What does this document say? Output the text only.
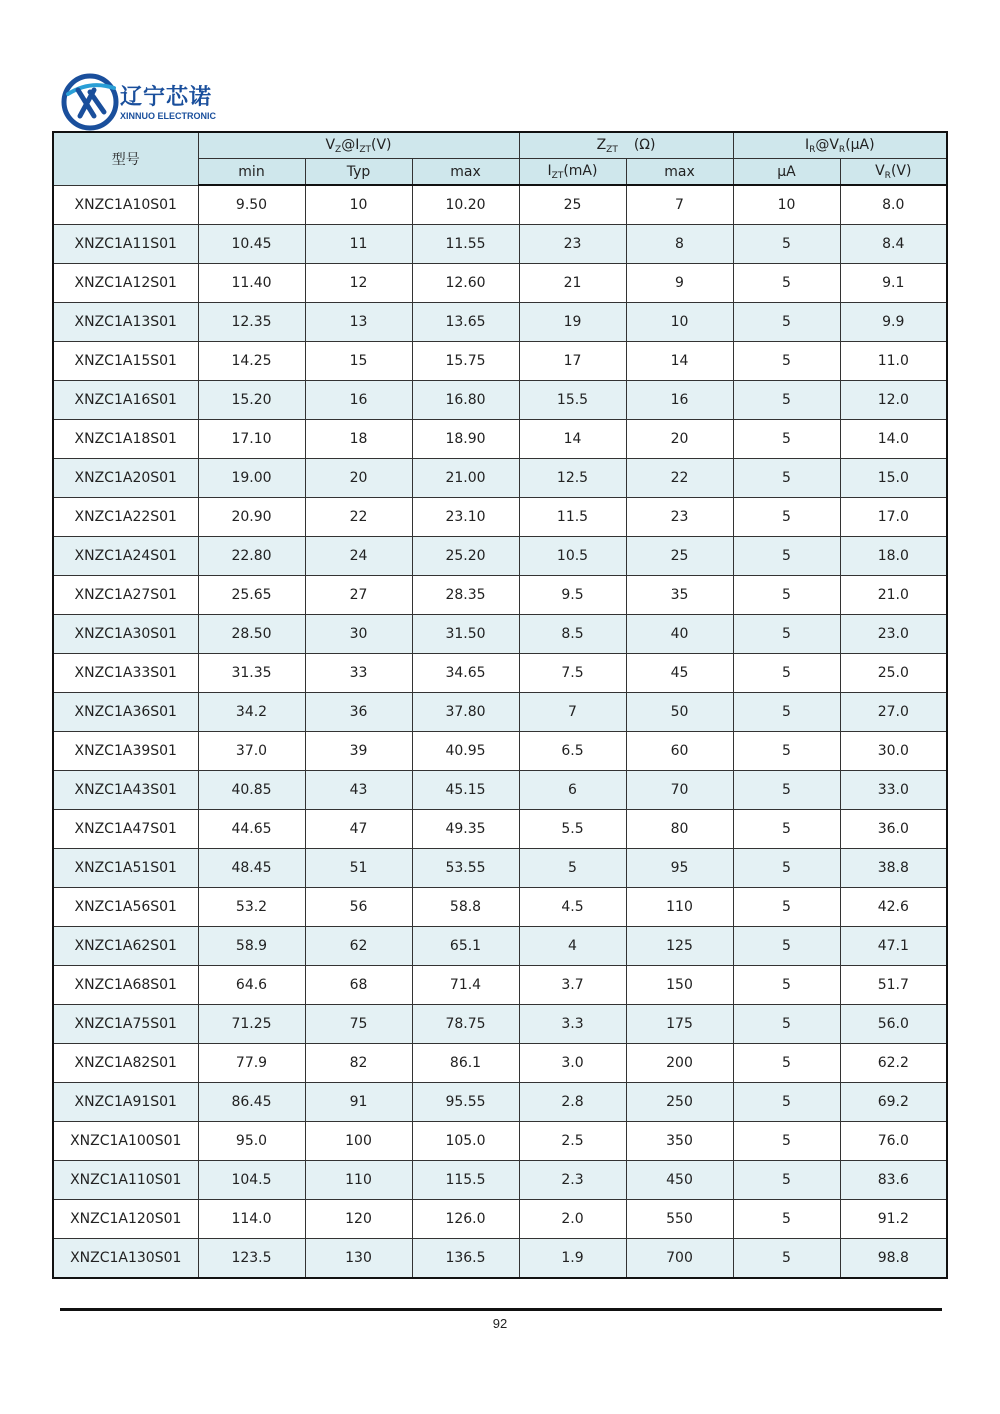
辽宁芯诺
XINNUO ELECTRONIC
型号	$V_Z@I_{ZT}(V)$			$Z_{ZT}$ (Ω)		$I_R@V_R(\mu A)$	
	min	Typ	max	$I_{ZT}(mA)$	max	μA	$V_R(V)$
XNZC1A10S01	9.50	10	10.20	25	7	10	8.0
XNZC1A11S01	10.45	11	11.55	23	8	5	8.4
XNZC1A12S01	11.40	12	12.60	21	9	5	9.1
XNZC1A13S01	12.35	13	13.65	19	10	5	9.9
XNZC1A15S01	14.25	15	15.75	17	14	5	11.0
XNZC1A16S01	15.20	16	16.80	15.5	16	5	12.0
XNZC1A18S01	17.10	18	18.90	14	20	5	14.0
XNZC1A20S01	19.00	20	21.00	12.5	22	5	15.0
XNZC1A22S01	20.90	22	23.10	11.5	23	5	17.0
XNZC1A24S01	22.80	24	25.20	10.5	25	5	18.0
XNZC1A27S01	25.65	27	28.35	9.5	35	5	21.0
XNZC1A30S01	28.50	30	31.50	8.5	40	5	23.0
XNZC1A33S01	31.35	33	34.65	7.5	45	5	25.0
XNZC1A36S01	34.2	36	37.80	7	50	5	27.0
XNZC1A39S01	37.0	39	40.95	6.5	60	5	30.0
XNZC1A43S01	40.85	43	45.15	6	70	5	33.0
XNZC1A47S01	44.65	47	49.35	5.5	80	5	36.0
XNZC1A51S01	48.45	51	53.55	5	95	5	38.8
XNZC1A56S01	53.2	56	58.8	4.5	110	5	42.6
XNZC1A62S01	58.9	62	65.1	4	125	5	47.1
XNZC1A68S01	64.6	68	71.4	3.7	150	5	51.7
XNZC1A75S01	71.25	75	78.75	3.3	175	5	56.0
XNZC1A82S01	77.9	82	86.1	3.0	200	5	62.2
XNZC1A91S01	86.45	91	95.55	2.8	250	5	69.2
XNZC1A100S01	95.0	100	105.0	2.5	350	5	76.0
XNZC1A110S01	104.5	110	115.5	2.3	450	5	83.6
XNZC1A120S01	114.0	120	126.0	2.0	550	5	91.2
XNZC1A130S01	123.5	130	136.5	1.9	700	5	98.8
92
